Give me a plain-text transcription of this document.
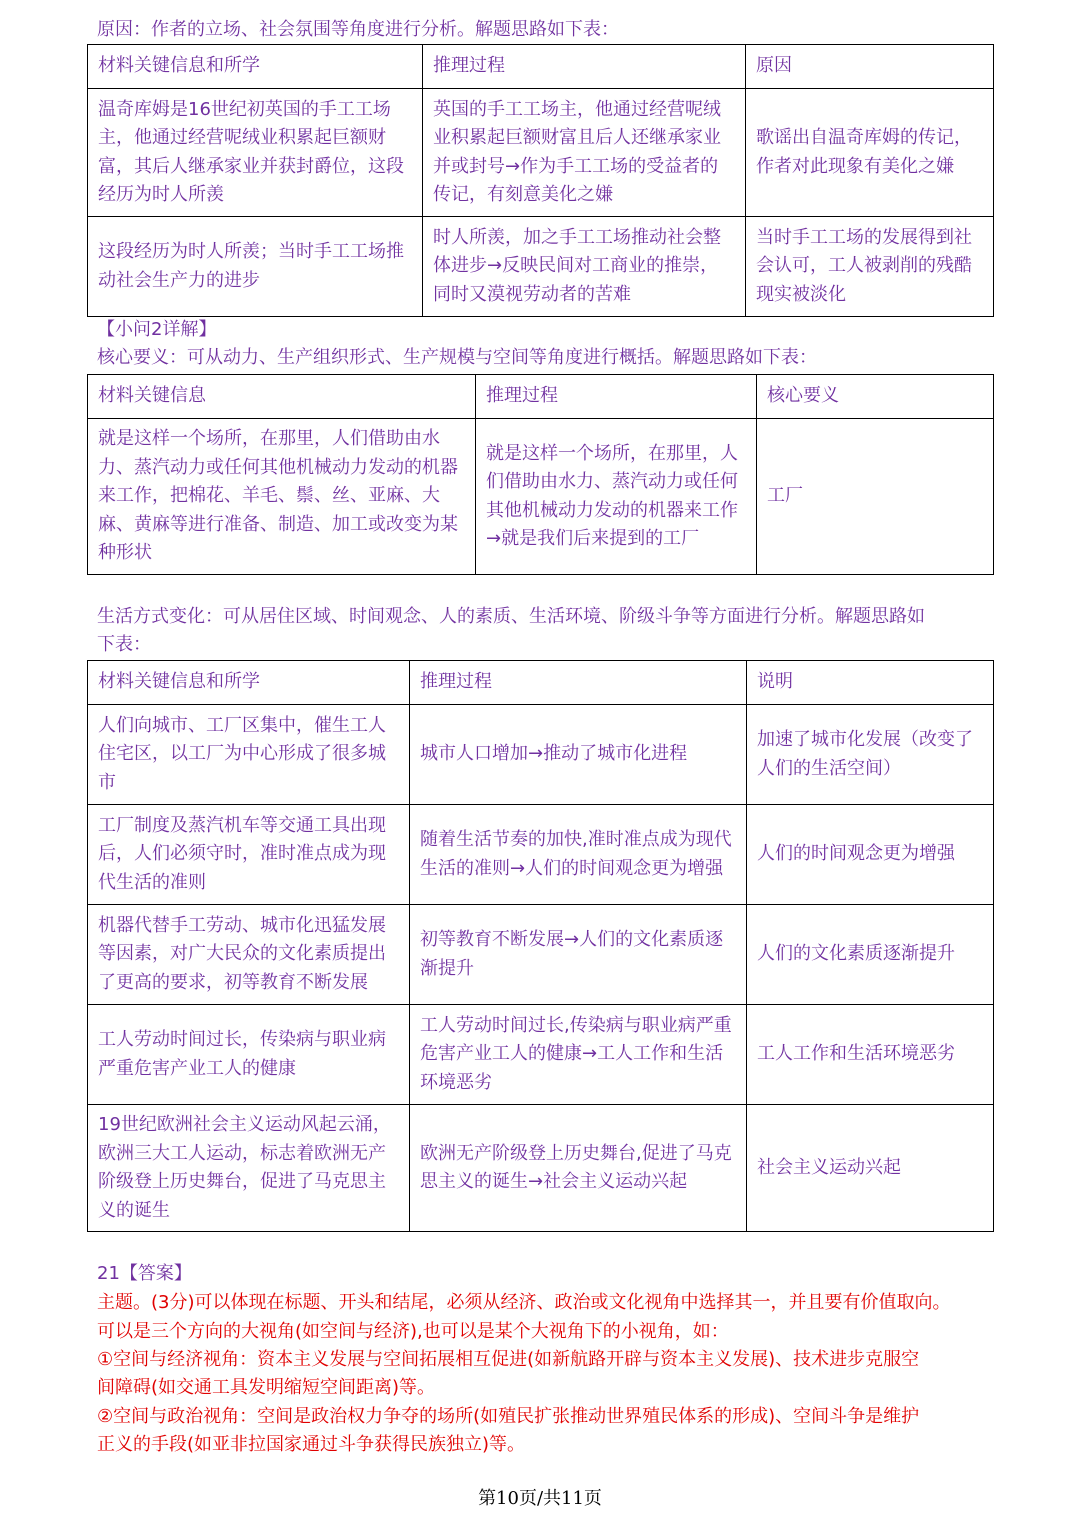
原因：作者的立场、社会氛围等角度进行分析。解题思路如下表：
材料关键信息和所学	推理过程	原因
温奇库姆是16世纪初英国的手工工场主，他通过经营呢绒业积累起巨额财富，其后人继承家业并获封爵位，这段经历为时人所羡	英国的手工工场主，他通过经营呢绒业积累起巨额财富且后人还继承家业并或封号→作为手工工场的受益者的传记，有刻意美化之嫌	歌谣出自温奇库姆的传记，作者对此现象有美化之嫌
这段经历为时人所羡；当时手工工场推动社会生产力的进步	时人所羡，加之手工工场推动社会整体进步→反映民间对工商业的推崇，同时又漠视劳动者的苦难	当时手工工场的发展得到社会认可，工人被剥削的残酷现实被淡化
【小问2详解】
核心要义：可从动力、生产组织形式、生产规模与空间等角度进行概括。解题思路如下表：
材料关键信息	推理过程	核心要义
就是这样一个场所，在那里，人们借助由水力、蒸汽动力或任何其他机械动力发动的机器来工作，把棉花、羊毛、鬃、丝、亚麻、大麻、黄麻等进行准备、制造、加工或改变为某种形状	就是这样一个场所，在那里，人们借助由水力、蒸汽动力或任何其他机械动力发动的机器来工作→就是我们后来提到的工厂	工厂
生活方式变化：可从居住区域、时间观念、人的素质、生活环境、阶级斗争等方面进行分析。解题思路如
下表：
材料关键信息和所学	推理过程	说明
人们向城市、工厂区集中，催生工人住宅区，以工厂为中心形成了很多城市	城市人口增加→推动了城市化进程	加速了城市化发展（改变了人们的生活空间）
工厂制度及蒸汽机车等交通工具出现后，人们必须守时，准时准点成为现代生活的准则	随着生活节奏的加快,准时准点成为现代生活的准则→人们的时间观念更为增强	人们的时间观念更为增强
机器代替手工劳动、城市化迅猛发展等因素，对广大民众的文化素质提出了更高的要求，初等教育不断发展	初等教育不断发展→人们的文化素质逐渐提升	人们的文化素质逐渐提升
工人劳动时间过长，传染病与职业病严重危害产业工人的健康	工人劳动时间过长,传染病与职业病严重危害产业工人的健康→工人工作和生活环境恶劣	工人工作和生活环境恶劣
19世纪欧洲社会主义运动风起云涌，欧洲三大工人运动，标志着欧洲无产阶级登上历史舞台，促进了马克思主义的诞生	欧洲无产阶级登上历史舞台,促进了马克思主义的诞生→社会主义运动兴起	社会主义运动兴起
21【答案】
主题。(3分)可以体现在标题、开头和结尾，必须从经济、政治或文化视角中选择其一，并且要有价值取向。
可以是三个方向的大视角(如空间与经济),也可以是某个大视角下的小视角，如：
①空间与经济视角：资本主义发展与空间拓展相互促进(如新航路开辟与资本主义发展)、技术进步克服空
间障碍(如交通工具发明缩短空间距离)等。
②空间与政治视角：空间是政治权力争夺的场所(如殖民扩张推动世界殖民体系的形成)、空间斗争是维护
正义的手段(如亚非拉国家通过斗争获得民族独立)等。
第10页/共11页
